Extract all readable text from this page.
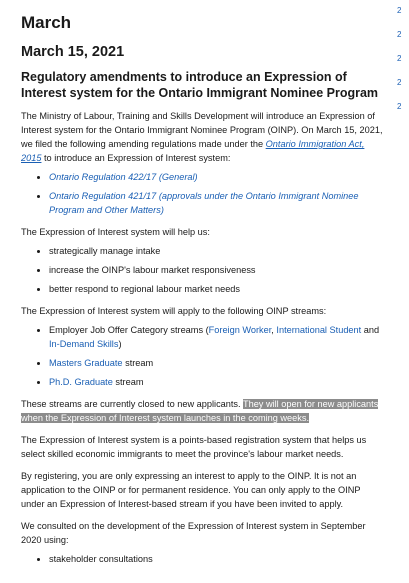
March
March 15, 2021
Regulatory amendments to introduce an Expression of Interest system for the Ontario Immigrant Nominee Program

The Ministry of Labour, Training and Skills Development will introduce an Expression of Interest system for the Ontario Immigrant Nominee Program (OINP). On March 15, 2021, we filed the following amending regulations made under the Ontario Immigration Act, 2015 to introduce an Expression of Interest system:

• Ontario Regulation 422/17 (General)
• Ontario Regulation 421/17 (approvals under the Ontario Immigrant Nominee Program and Other Matters)

The Expression of Interest system will help us:

• strategically manage intake
• increase the OINP's labour market responsiveness
• better respond to regional labour market needs

The Expression of Interest system will apply to the following OINP streams:

• Employer Job Offer Category streams (Foreign Worker, International Student and In-Demand Skills)
• Masters Graduate stream
• Ph.D. Graduate stream

These streams are currently closed to new applicants. They will open for new applicants when the Expression of Interest system launches in the coming weeks.

The Expression of Interest system is a points-based registration system that helps us select skilled economic immigrants to meet the province's labour market needs.

By registering, you are only expressing an interest to apply to the OINP. It is not an application to the OINP or for permanent residence. You can only apply to the OINP under an Expression of Interest-based stream if you have been invited to apply.

We consulted on the development of the Expression of Interest system in September 2020 using:

• stakeholder consultations
2
2
2
2
2
